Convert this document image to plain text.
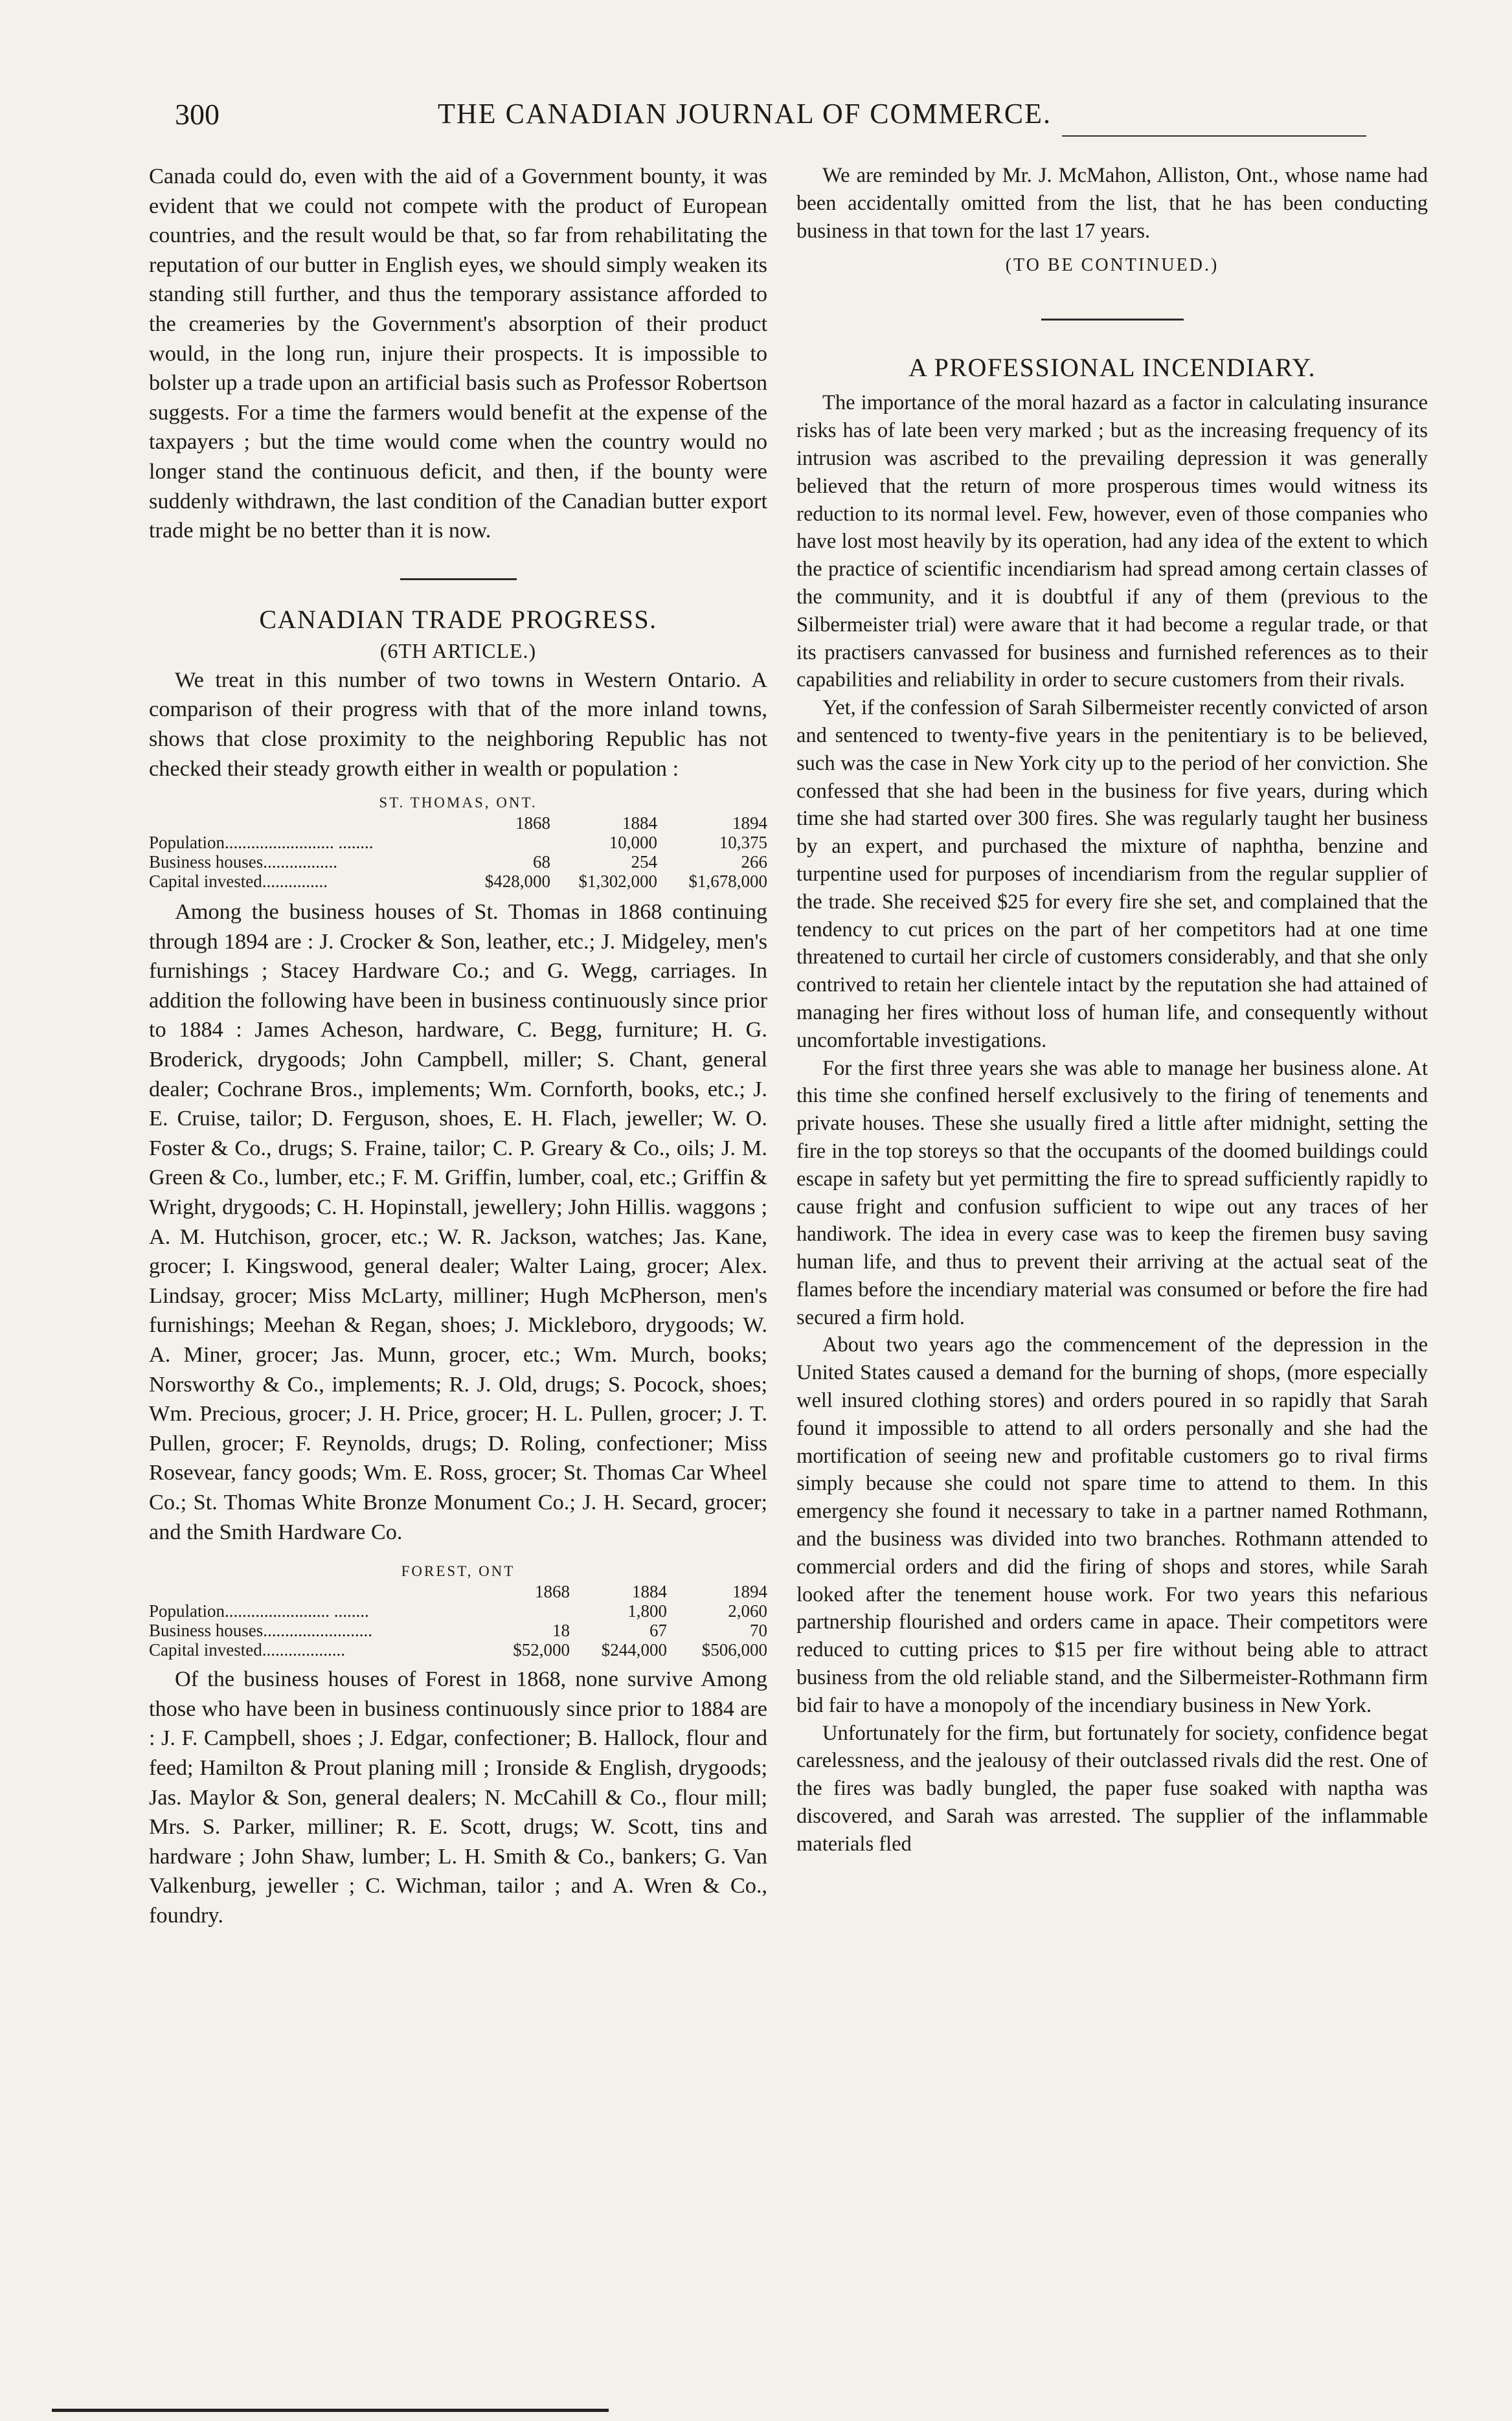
300	THE CANADIAN JOURNAL OF COMMERCE.

Canada could do, even with the aid of a Government bounty, it was evident that we could not compete with the product of European countries, and the result would be that, so far from rehabilitating the reputation of our butter in English eyes, we should simply weaken its standing still further, and thus the temporary assistance afforded to the creameries by the Government's absorption of their product would, in the long run, injure their prospects. It is impossible to bolster up a trade upon an artificial basis such as Professor Robertson suggests. For a time the farmers would benefit at the expense of the taxpayers ; but the time would come when the country would no longer stand the continuous deficit, and then, if the bounty were suddenly withdrawn, the last condition of the Canadian butter export trade might be no better than it is now.

CANADIAN TRADE PROGRESS.
(6TH ARTICLE.)

We treat in this number of two towns in Western Ontario. A comparison of their progress with that of the more inland towns, shows that close proximity to the neighboring Republic has not checked their steady growth either in wealth or population :

ST. THOMAS, ONT.
	1868	1884	1894
Population......................... ........		10,000	10,375
Business houses.................	68	254	266
Capital invested...............	$428,000	$1,302,000	$1,678,000

Among the business houses of St. Thomas in 1868 continuing through 1894 are : J. Crocker & Son, leather, etc.; J. Midgeley, men's furnishings ; Stacey Hardware Co.; and G. Wegg, carriages. In addition the following have been in business continuously since prior to 1884 : James Acheson, hardware, C. Begg, furniture; H. G. Broderick, drygoods; John Campbell, miller; S. Chant, general dealer; Cochrane Bros., implements; Wm. Cornforth, books, etc.; J. E. Cruise, tailor; D. Ferguson, shoes, E. H. Flach, jeweller; W. O. Foster & Co., drugs; S. Fraine, tailor; C. P. Greary & Co., oils; J. M. Green & Co., lumber, etc.; F. M. Griffin, lumber, coal, etc.; Griffin & Wright, drygoods; C. H. Hopinstall, jewellery; John Hillis. waggons ; A. M. Hutchison, grocer, etc.; W. R. Jackson, watches; Jas. Kane, grocer; I. Kingswood, general dealer; Walter Laing, grocer; Alex. Lindsay, grocer; Miss McLarty, milliner; Hugh McPherson, men's furnishings; Meehan & Regan, shoes; J. Mickleboro, drygoods; W. A. Miner, grocer; Jas. Munn, grocer, etc.; Wm. Murch, books; Norsworthy & Co., implements; R. J. Old, drugs; S. Pocock, shoes; Wm. Precious, grocer; J. H. Price, grocer; H. L. Pullen, grocer; J. T. Pullen, grocer; F. Reynolds, drugs; D. Roling, confectioner; Miss Rosevear, fancy goods; Wm. E. Ross, grocer; St. Thomas Car Wheel Co.; St. Thomas White Bronze Monument Co.; J. H. Secard, grocer; and the Smith Hardware Co.

FOREST, ONT
	1868	1884	1894
Population........................ ........		1,800	2,060
Business houses.........................	18	67	70
Capital invested...................	$52,000	$244,000	$506,000

Of the business houses of Forest in 1868, none survive Among those who have been in business continuously since prior to 1884 are : J. F. Campbell, shoes ; J. Edgar, confectioner; B. Hallock, flour and feed; Hamilton & Prout planing mill ; Ironside & English, drygoods; Jas. Maylor & Son, general dealers; N. McCahill & Co., flour mill; Mrs. S. Parker, milliner; R. E. Scott, drugs; W. Scott, tins and hardware ; John Shaw, lumber; L. H. Smith & Co., bankers; G. Van Valkenburg, jeweller ; C. Wichman, tailor ; and A. Wren & Co., foundry.

We are reminded by Mr. J. McMahon, Alliston, Ont., whose name had been accidentally omitted from the list, that he has been conducting business in that town for the last 17 years.

(TO BE CONTINUED.)
A PROFESSIONAL INCENDIARY.

The importance of the moral hazard as a factor in calculating insurance risks has of late been very marked ; but as the increasing frequency of its intrusion was ascribed to the prevailing depression it was generally believed that the return of more prosperous times would witness its reduction to its normal level. Few, however, even of those companies who have lost most heavily by its operation, had any idea of the extent to which the practice of scientific incendiarism had spread among certain classes of the community, and it is doubtful if any of them (previous to the Silbermeister trial) were aware that it had become a regular trade, or that its practisers canvassed for business and furnished references as to their capabilities and reliability in order to secure customers from their rivals.

Yet, if the confession of Sarah Silbermeister recently convicted of arson and sentenced to twenty-five years in the penitentiary is to be believed, such was the case in New York city up to the period of her conviction. She confessed that she had been in the business for five years, during which time she had started over 300 fires. She was regularly taught her business by an expert, and purchased the mixture of naphtha, benzine and turpentine used for purposes of incendiarism from the regular supplier of the trade. She received $25 for every fire she set, and complained that the tendency to cut prices on the part of her competitors had at one time threatened to curtail her circle of customers considerably, and that she only contrived to retain her clientele intact by the reputation she had attained of managing her fires without loss of human life, and consequently without uncomfortable investigations.

For the first three years she was able to manage her business alone. At this time she confined herself exclusively to the firing of tenements and private houses. These she usually fired a little after midnight, setting the fire in the top storeys so that the occupants of the doomed buildings could escape in safety but yet permitting the fire to spread sufficiently rapidly to cause fright and confusion sufficient to wipe out any traces of her handiwork. The idea in every case was to keep the firemen busy saving human life, and thus to prevent their arriving at the actual seat of the flames before the incendiary material was consumed or before the fire had secured a firm hold.

About two years ago the commencement of the depression in the United States caused a demand for the burning of shops, (more especially well insured clothing stores) and orders poured in so rapidly that Sarah found it impossible to attend to all orders personally and she had the mortification of seeing new and profitable customers go to rival firms simply because she could not spare time to attend to them. In this emergency she found it necessary to take in a partner named Rothmann, and the business was divided into two branches. Rothmann attended to commercial orders and did the firing of shops and stores, while Sarah looked after the tenement house work. For two years this nefarious partnership flourished and orders came in apace. Their competitors were reduced to cutting prices to $15 per fire without being able to attract business from the old reliable stand, and the Silbermeister-Rothmann firm bid fair to have a monopoly of the incendiary business in New York.

Unfortunately for the firm, but fortunately for society, confidence begat carelessness, and the jealousy of their outclassed rivals did the rest. One of the fires was badly bungled, the paper fuse soaked with naptha was discovered, and Sarah was arrested. The supplier of the inflammable materials fled
